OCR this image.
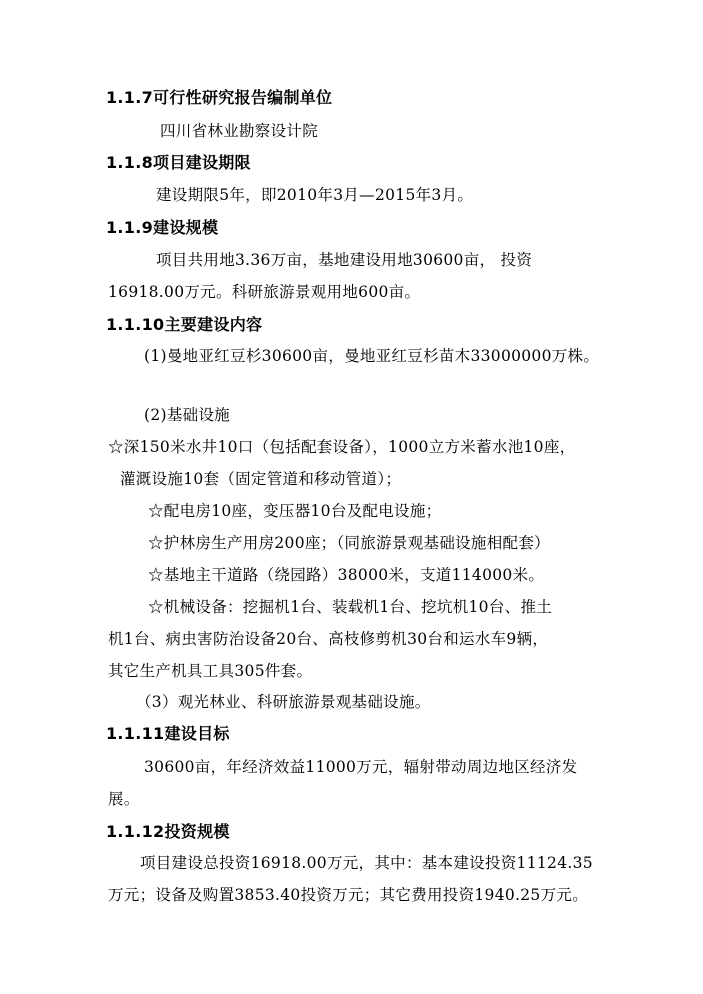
1.1.7可行性研究报告编制单位
四川省林业勘察设计院
1.1.8项目建设期限
建设期限5年，即2010年3月—2015年3月。
1.1.9建设规模
项目共用地3.36万亩，基地建设用地30600亩， 投资
16918.00万元。科研旅游景观用地600亩。
1.1.10主要建设内容
(1)曼地亚红豆杉30600亩，曼地亚红豆杉苗木33000000万株。
(2)基础设施
☆深150米水井10口（包括配套设备），1000立方米蓄水池10座，
灌溉设施10套（固定管道和移动管道）；
☆配电房10座，变压器10台及配电设施；
☆护林房生产用房200座；（同旅游景观基础设施相配套）
☆基地主干道路（绕园路）38000米，支道114000米。
☆机械设备：挖掘机1台、装载机1台、挖坑机10台、推土
机1台、病虫害防治设备20台、高枝修剪机30台和运水车9辆，
其它生产机具工具305件套。
（3）观光林业、科研旅游景观基础设施。
1.1.11建设目标
30600亩，年经济效益11000万元，辐射带动周边地区经济发
展。
1.1.12投资规模
项目建设总投资16918.00万元，其中：基本建设投资11124.35
万元；设备及购置3853.40投资万元；其它费用投资1940.25万元。
